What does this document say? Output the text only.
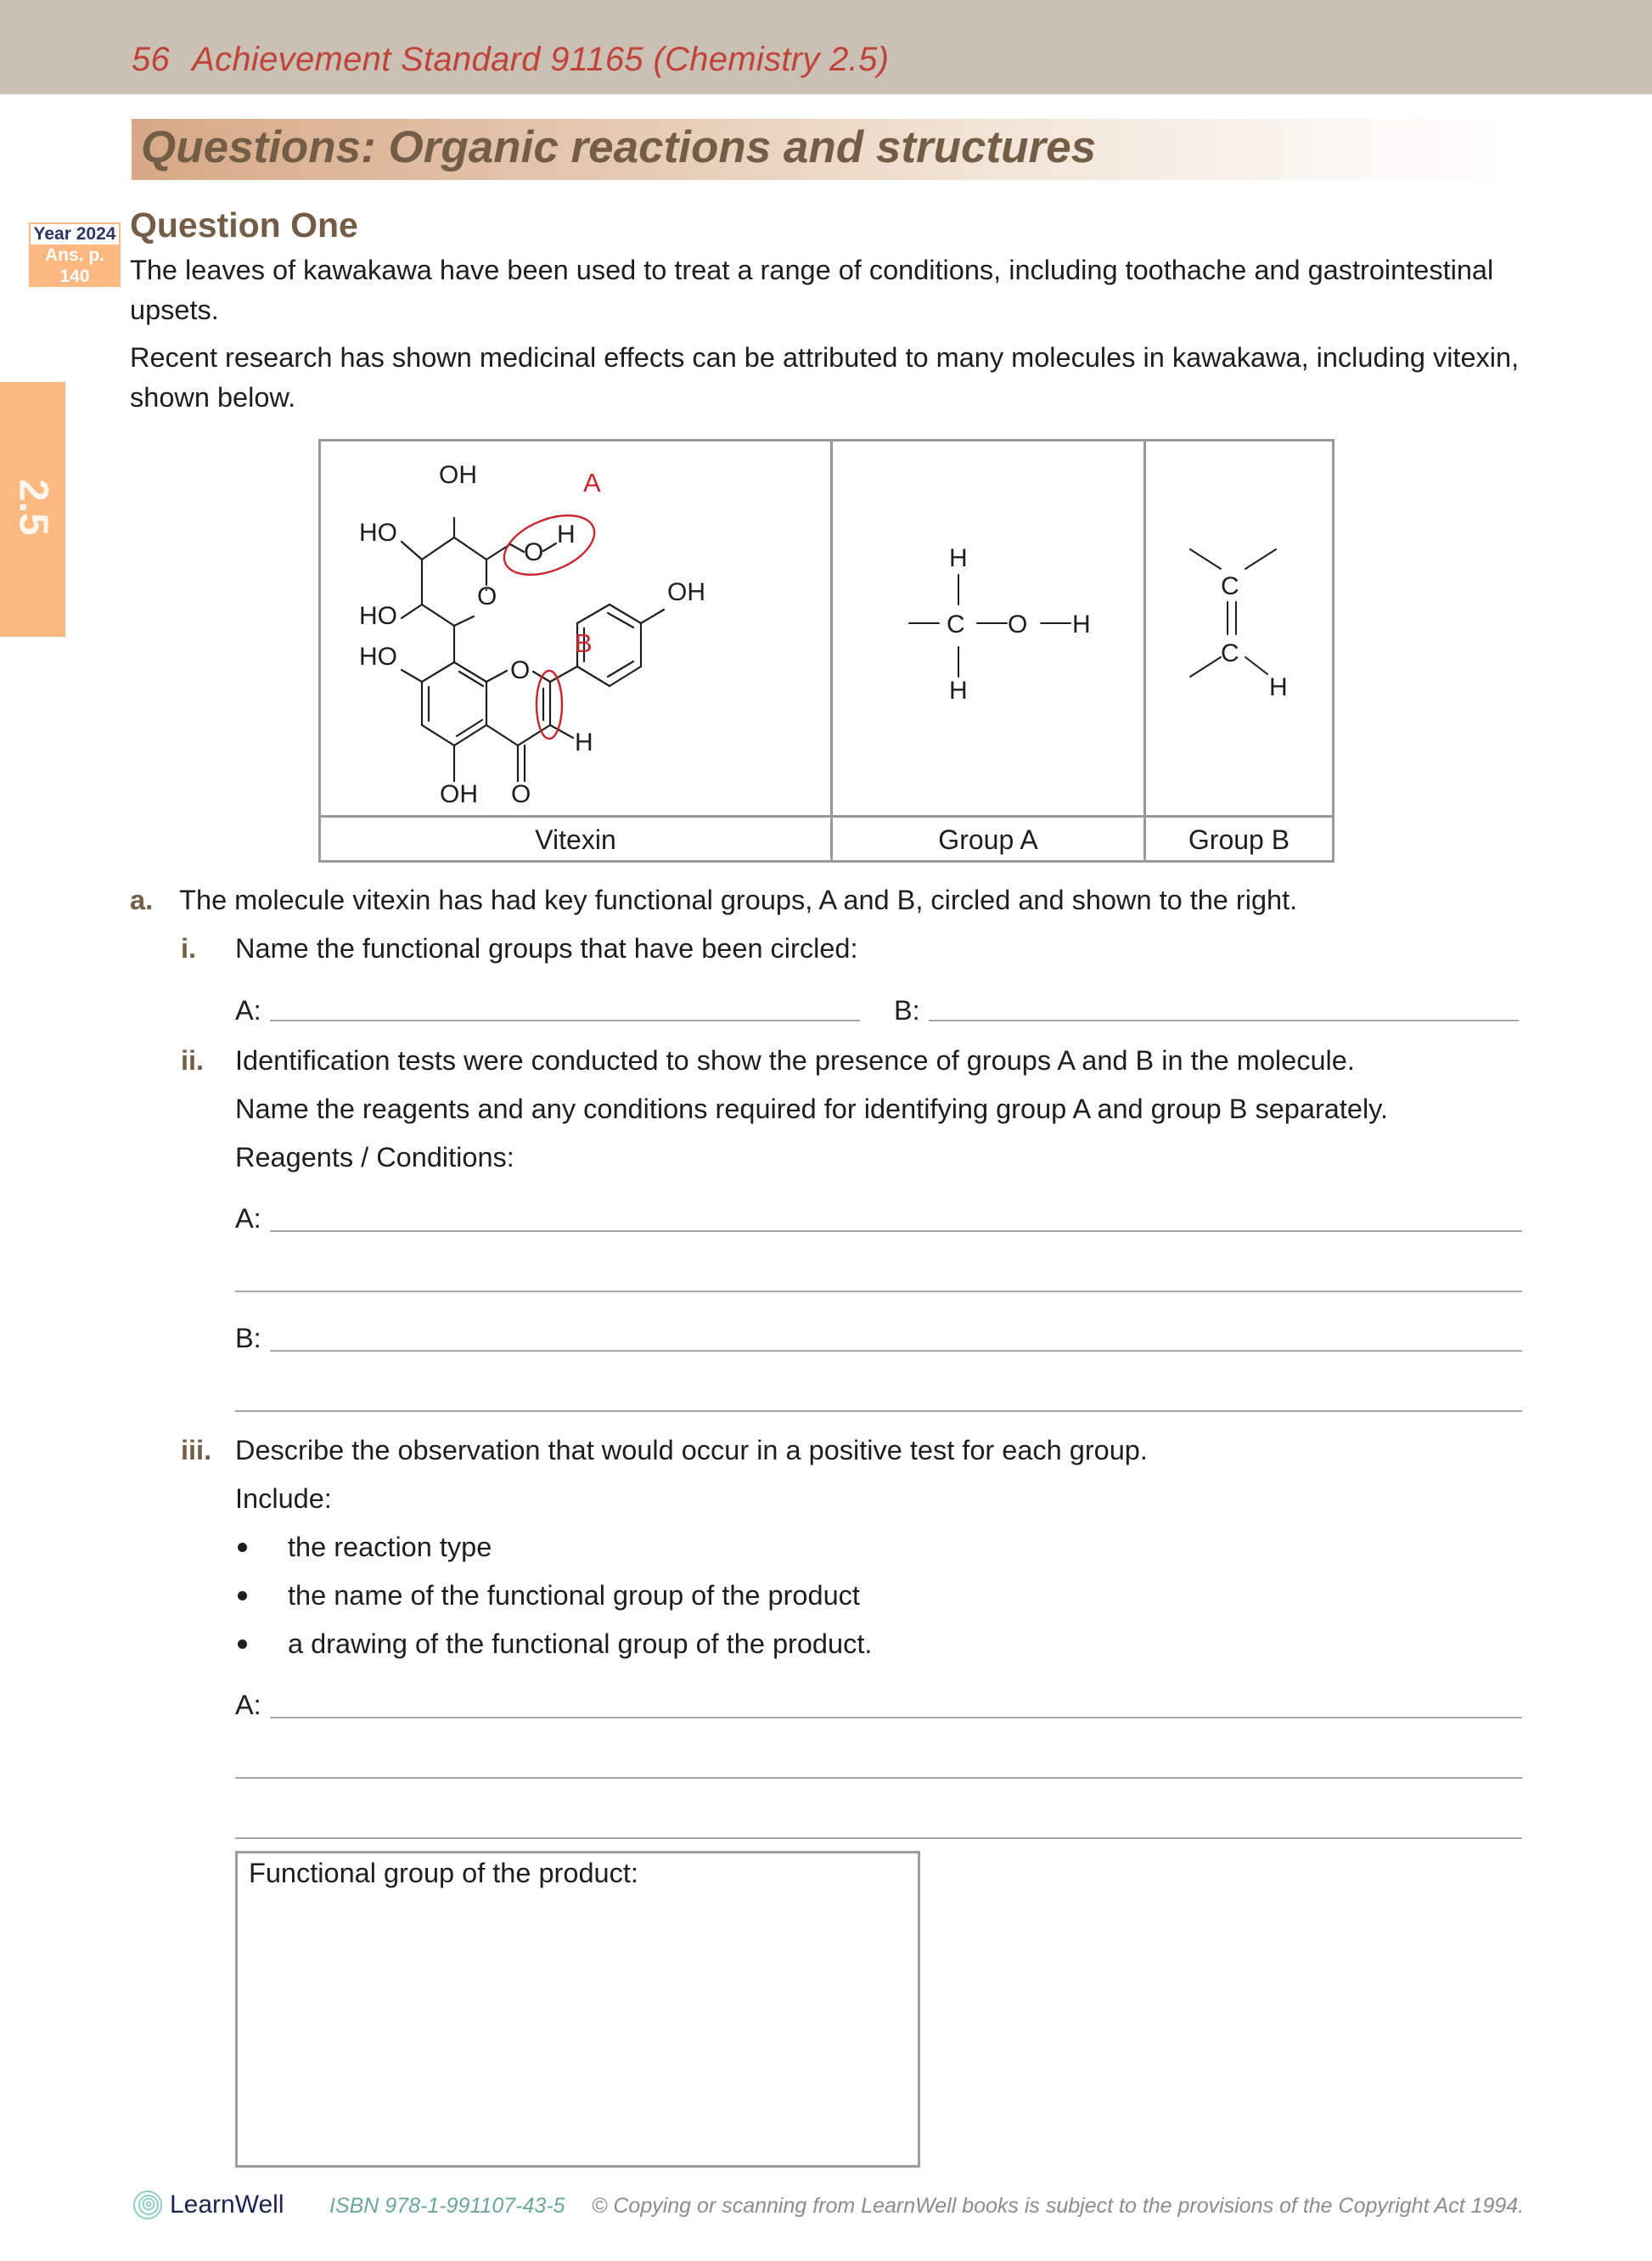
56 Achievement Standard 91165 (Chemistry 2.5)
Questions: Organic reactions and structures
2.5
Year 2024
Ans. p. 140
Question One
The leaves of kawakawa have been used to treat a range of conditions, including toothache and gastrointestinal upsets.
Recent research has shown medicinal effects can be attributed to many molecules in kawakawa, including vitexin, shown below.
Vitexin	Group A	Group B
OH
HO
HO
HO
O
O
O
H
OH
H
OH O
A
B
H
C O H
H
C
C
H
a. The molecule vitexin has had key functional groups, A and B, circled and shown to the right.
i. Name the functional groups that have been circled:
A:	B:
ii. Identification tests were conducted to show the presence of groups A and B in the molecule.
Name the reagents and any conditions required for identifying group A and group B separately.
Reagents / Conditions:
A:
B:
iii. Describe the observation that would occur in a positive test for each group.
Include:
the reaction type
the name of the functional group of the product
a drawing of the functional group of the product.
A:
Functional group of the product:
LearnWell ISBN 978-1-991107-43-5 © Copying or scanning from LearnWell books is subject to the provisions of the Copyright Act 1994.
